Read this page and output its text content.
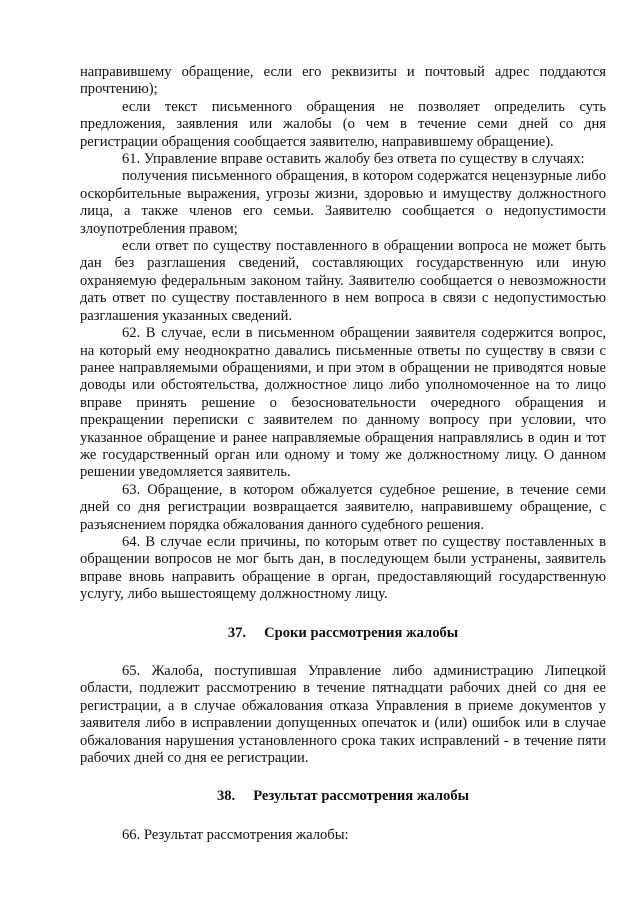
направившему обращение, если его реквизиты и почтовый адрес поддаются прочтению);

если текст письменного обращения не позволяет определить суть предложения, заявления или жалобы (о чем в течение семи дней со дня регистрации обращения сообщается заявителю, направившему обращение).

61. Управление вправе оставить жалобу без ответа по существу в случаях:

получения письменного обращения, в котором содержатся нецензурные либо оскорбительные выражения, угрозы жизни, здоровью и имуществу должностного лица, а также членов его семьи. Заявителю сообщается о недопустимости злоупотребления правом;

если ответ по существу поставленного в обращении вопроса не может быть дан без разглашения сведений, составляющих государственную или иную охраняемую федеральным законом тайну. Заявителю сообщается о невозможности дать ответ по существу поставленного в нем вопроса в связи с недопустимостью разглашения указанных сведений.

62. В случае, если в письменном обращении заявителя содержится вопрос, на который ему неоднократно давались письменные ответы по существу в связи с ранее направляемыми обращениями, и при этом в обращении не приводятся новые доводы или обстоятельства, должностное лицо либо уполномоченное на то лицо вправе принять решение о безосновательности очередного обращения и прекращении переписки с заявителем по данному вопросу при условии, что указанное обращение и ранее направляемые обращения направлялись в один и тот же государственный орган или одному и тому же должностному лицу. О данном решении уведомляется заявитель.

63. Обращение, в котором обжалуется судебное решение, в течение семи дней со дня регистрации возвращается заявителю, направившему обращение, с разъяснением порядка обжалования данного судебного решения.

64. В случае если причины, по которым ответ по существу поставленных в обращении вопросов не мог быть дан, в последующем были устранены, заявитель вправе вновь направить обращение в орган, предоставляющий государственную услугу, либо вышестоящему должностному лицу.

37. Сроки рассмотрения жалобы

65. Жалоба, поступившая Управление либо администрацию Липецкой области, подлежит рассмотрению в течение пятнадцати рабочих дней со дня ее регистрации, а в случае обжалования отказа Управления в приеме документов у заявителя либо в исправлении допущенных опечаток и (или) ошибок или в случае обжалования нарушения установленного срока таких исправлений - в течение пяти рабочих дней со дня ее регистрации.

38. Результат рассмотрения жалобы

66. Результат рассмотрения жалобы:
